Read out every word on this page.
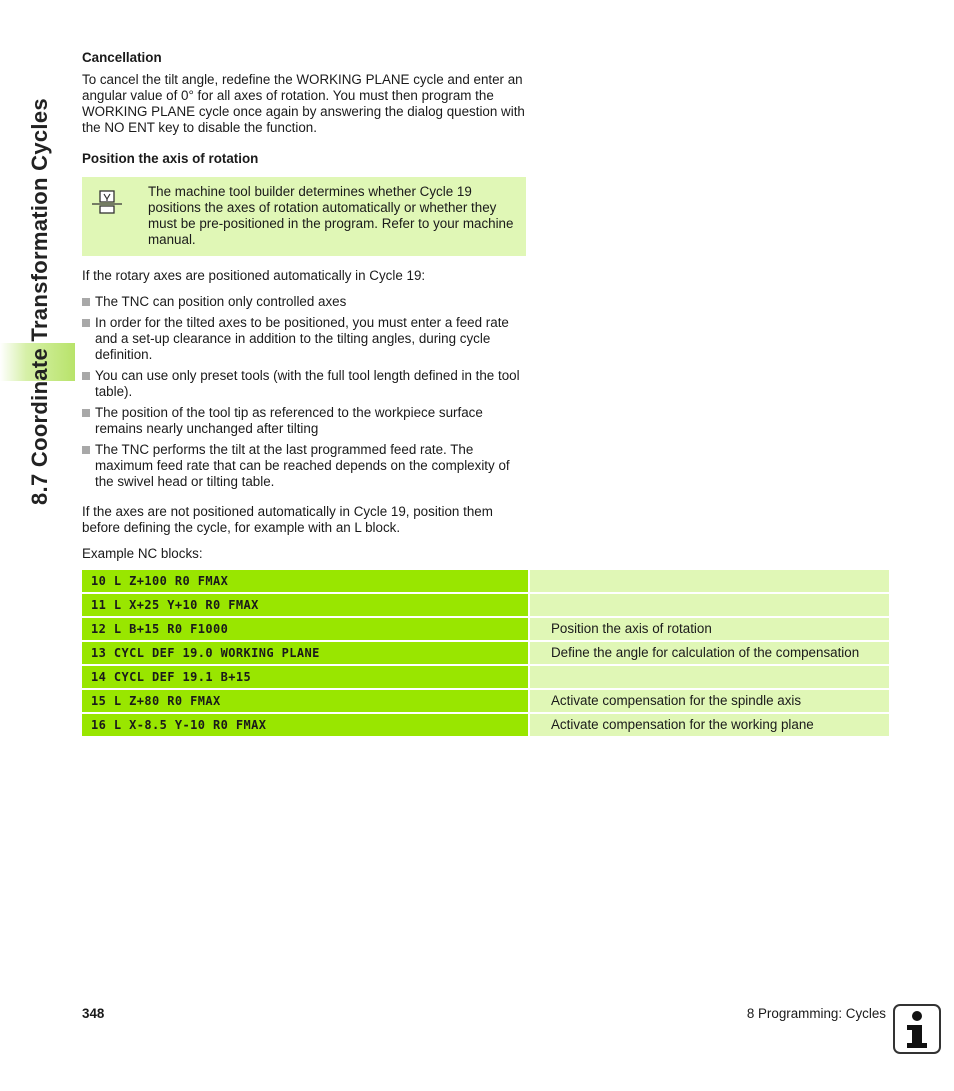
8.7 Coordinate Transformation Cycles
Cancellation

To cancel the tilt angle, redefine the WORKING PLANE cycle and enter an angular value of 0° for all axes of rotation. You must then program the WORKING PLANE cycle once again by answering the dialog question with the NO ENT key to disable the function.

Position the axis of rotation
The machine tool builder determines whether Cycle 19 positions the axes of rotation automatically or whether they must be pre-positioned in the program. Refer to your machine manual.

If the rotary axes are positioned automatically in Cycle 19:

The TNC can position only controlled axes
In order for the tilted axes to be positioned, you must enter a feed rate and a set-up clearance in addition to the tilting angles, during cycle definition.
You can use only preset tools (with the full tool length defined in the tool table).
The position of the tool tip as referenced to the workpiece surface remains nearly unchanged after tilting
The TNC performs the tilt at the last programmed feed rate. The maximum feed rate that can be reached depends on the complexity of the swivel head or tilting table.

If the axes are not positioned automatically in Cycle 19, position them before defining the cycle, for example with an L block.

Example NC blocks:

10 L Z+100 R0 FMAX
11 L X+25 Y+10 R0 FMAX
12 L B+15 R0 F1000	Position the axis of rotation
13 CYCL DEF 19.0 WORKING PLANE	Define the angle for calculation of the compensation
14 CYCL DEF 19.1 B+15
15 L Z+80 R0 FMAX	Activate compensation for the spindle axis
16 L X-8.5 Y-10 R0 FMAX	Activate compensation for the working plane
348	8 Programming: Cycles
